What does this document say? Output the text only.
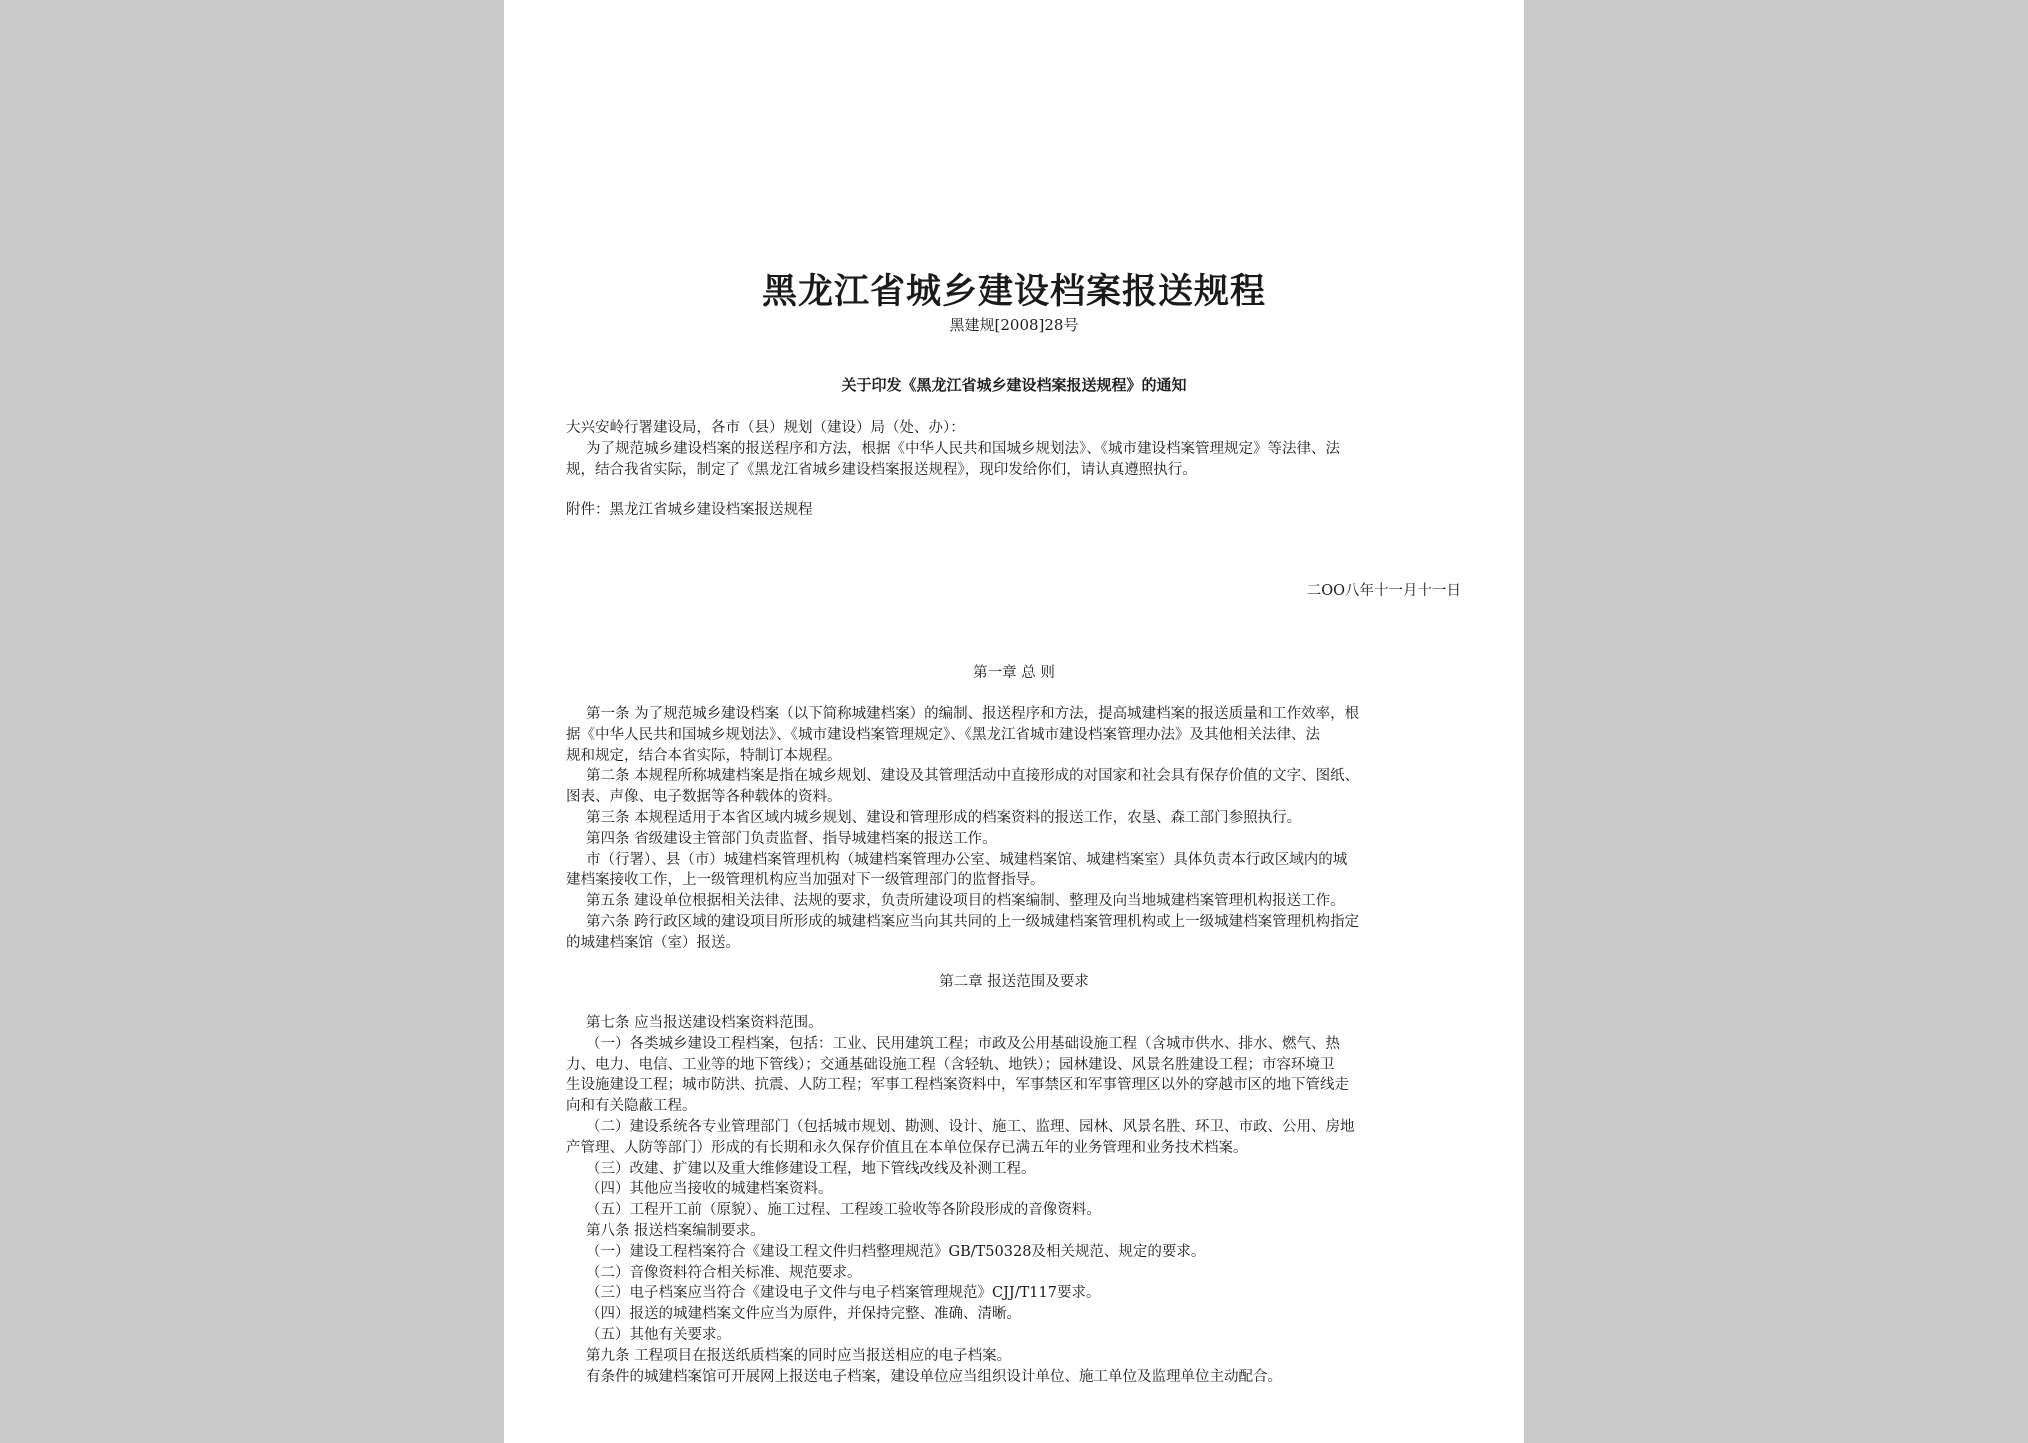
黑龙江省城乡建设档案报送规程
黑建规[2008]28号
关于印发《黑龙江省城乡建设档案报送规程》的通知
大兴安岭行署建设局，各市（县）规划（建设）局（处、办）：
为了规范城乡建设档案的报送程序和方法，根据《中华人民共和国城乡规划法》、《城市建设档案管理规定》等法律、法
规，结合我省实际，制定了《黑龙江省城乡建设档案报送规程》，现印发给你们，请认真遵照执行。
附件：黑龙江省城乡建设档案报送规程
二OO八年十一月十一日
第一章 总 则
第一条 为了规范城乡建设档案（以下简称城建档案）的编制、报送程序和方法，提高城建档案的报送质量和工作效率，根
据《中华人民共和国城乡规划法》、《城市建设档案管理规定》、《黑龙江省城市建设档案管理办法》及其他相关法律、法
规和规定，结合本省实际，特制订本规程。
第二条 本规程所称城建档案是指在城乡规划、建设及其管理活动中直接形成的对国家和社会具有保存价值的文字、图纸、
图表、声像、电子数据等各种载体的资料。
第三条 本规程适用于本省区域内城乡规划、建设和管理形成的档案资料的报送工作，农垦、森工部门参照执行。
第四条 省级建设主管部门负责监督、指导城建档案的报送工作。
市（行署）、县（市）城建档案管理机构（城建档案管理办公室、城建档案馆、城建档案室）具体负责本行政区域内的城
建档案接收工作，上一级管理机构应当加强对下一级管理部门的监督指导。
第五条 建设单位根据相关法律、法规的要求，负责所建设项目的档案编制、整理及向当地城建档案管理机构报送工作。
第六条 跨行政区域的建设项目所形成的城建档案应当向其共同的上一级城建档案管理机构或上一级城建档案管理机构指定
的城建档案馆（室）报送。
第二章 报送范围及要求
第七条 应当报送建设档案资料范围。
（一）各类城乡建设工程档案，包括：工业、民用建筑工程；市政及公用基础设施工程（含城市供水、排水、燃气、热
力、电力、电信、工业等的地下管线）；交通基础设施工程（含轻轨、地铁）；园林建设、风景名胜建设工程；市容环境卫
生设施建设工程；城市防洪、抗震、人防工程；军事工程档案资料中，军事禁区和军事管理区以外的穿越市区的地下管线走
向和有关隐蔽工程。
（二）建设系统各专业管理部门（包括城市规划、勘测、设计、施工、监理、园林、风景名胜、环卫、市政、公用、房地
产管理、人防等部门）形成的有长期和永久保存价值且在本单位保存已满五年的业务管理和业务技术档案。
（三）改建、扩建以及重大维修建设工程，地下管线改线及补测工程。
（四）其他应当接收的城建档案资料。
（五）工程开工前（原貌）、施工过程、工程竣工验收等各阶段形成的音像资料。
第八条 报送档案编制要求。
（一）建设工程档案符合《建设工程文件归档整理规范》GB/T50328及相关规范、规定的要求。
（二）音像资料符合相关标准、规范要求。
（三）电子档案应当符合《建设电子文件与电子档案管理规范》CJJ/T117要求。
（四）报送的城建档案文件应当为原件，并保持完整、准确、清晰。
（五）其他有关要求。
第九条 工程项目在报送纸质档案的同时应当报送相应的电子档案。
有条件的城建档案馆可开展网上报送电子档案，建设单位应当组织设计单位、施工单位及监理单位主动配合。
